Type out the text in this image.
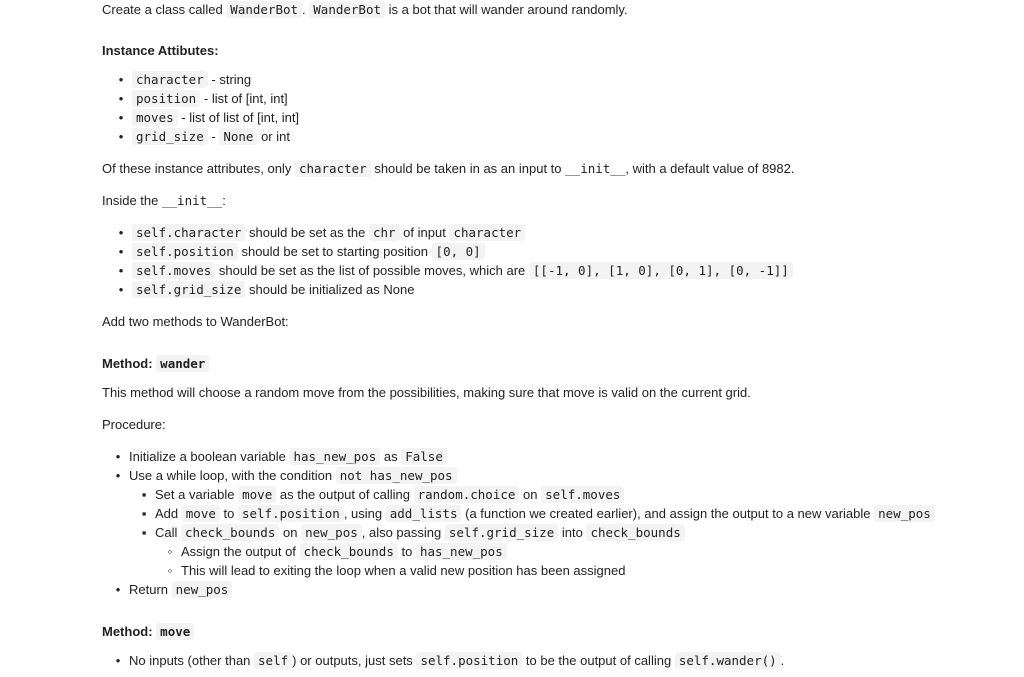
Create a class called WanderBot . WanderBot is a bot that will wander around randomly.
Instance Attibutes:
• character - string
• position - list of [int, int]
• moves - list of list of [int, int]
• grid_size - None or int
Of these instance attributes, only character should be taken in as an input to __init__, with a default value of 8982.
Inside the __init__:
• self.character should be set as the chr of input character
• self.position should be set to starting position [0, 0]
• self.moves should be set as the list of possible moves, which are [[-1, 0], [1, 0], [0, 1], [0, -1]]
• self.grid_size should be initialized as None
Add two methods to WanderBot:
Method: wander
This method will choose a random move from the possibilities, making sure that move is valid on the current grid.
Procedure:
• Initialize a boolean variable has_new_pos as False
• Use a while loop, with the condition not has_new_pos
▪ Set a variable move as the output of calling random.choice on self.moves
▪ Add move to self.position , using add_lists (a function we created earlier), and assign the output to a new variable new_pos
▪ Call check_bounds on new_pos , also passing self.grid_size into check_bounds
◦ Assign the output of check_bounds to has_new_pos
◦ This will lead to exiting the loop when a valid new position has been assigned
• Return new_pos
Method: move
• No inputs (other than self ) or outputs, just sets self.position to be the output of calling self.wander() .
